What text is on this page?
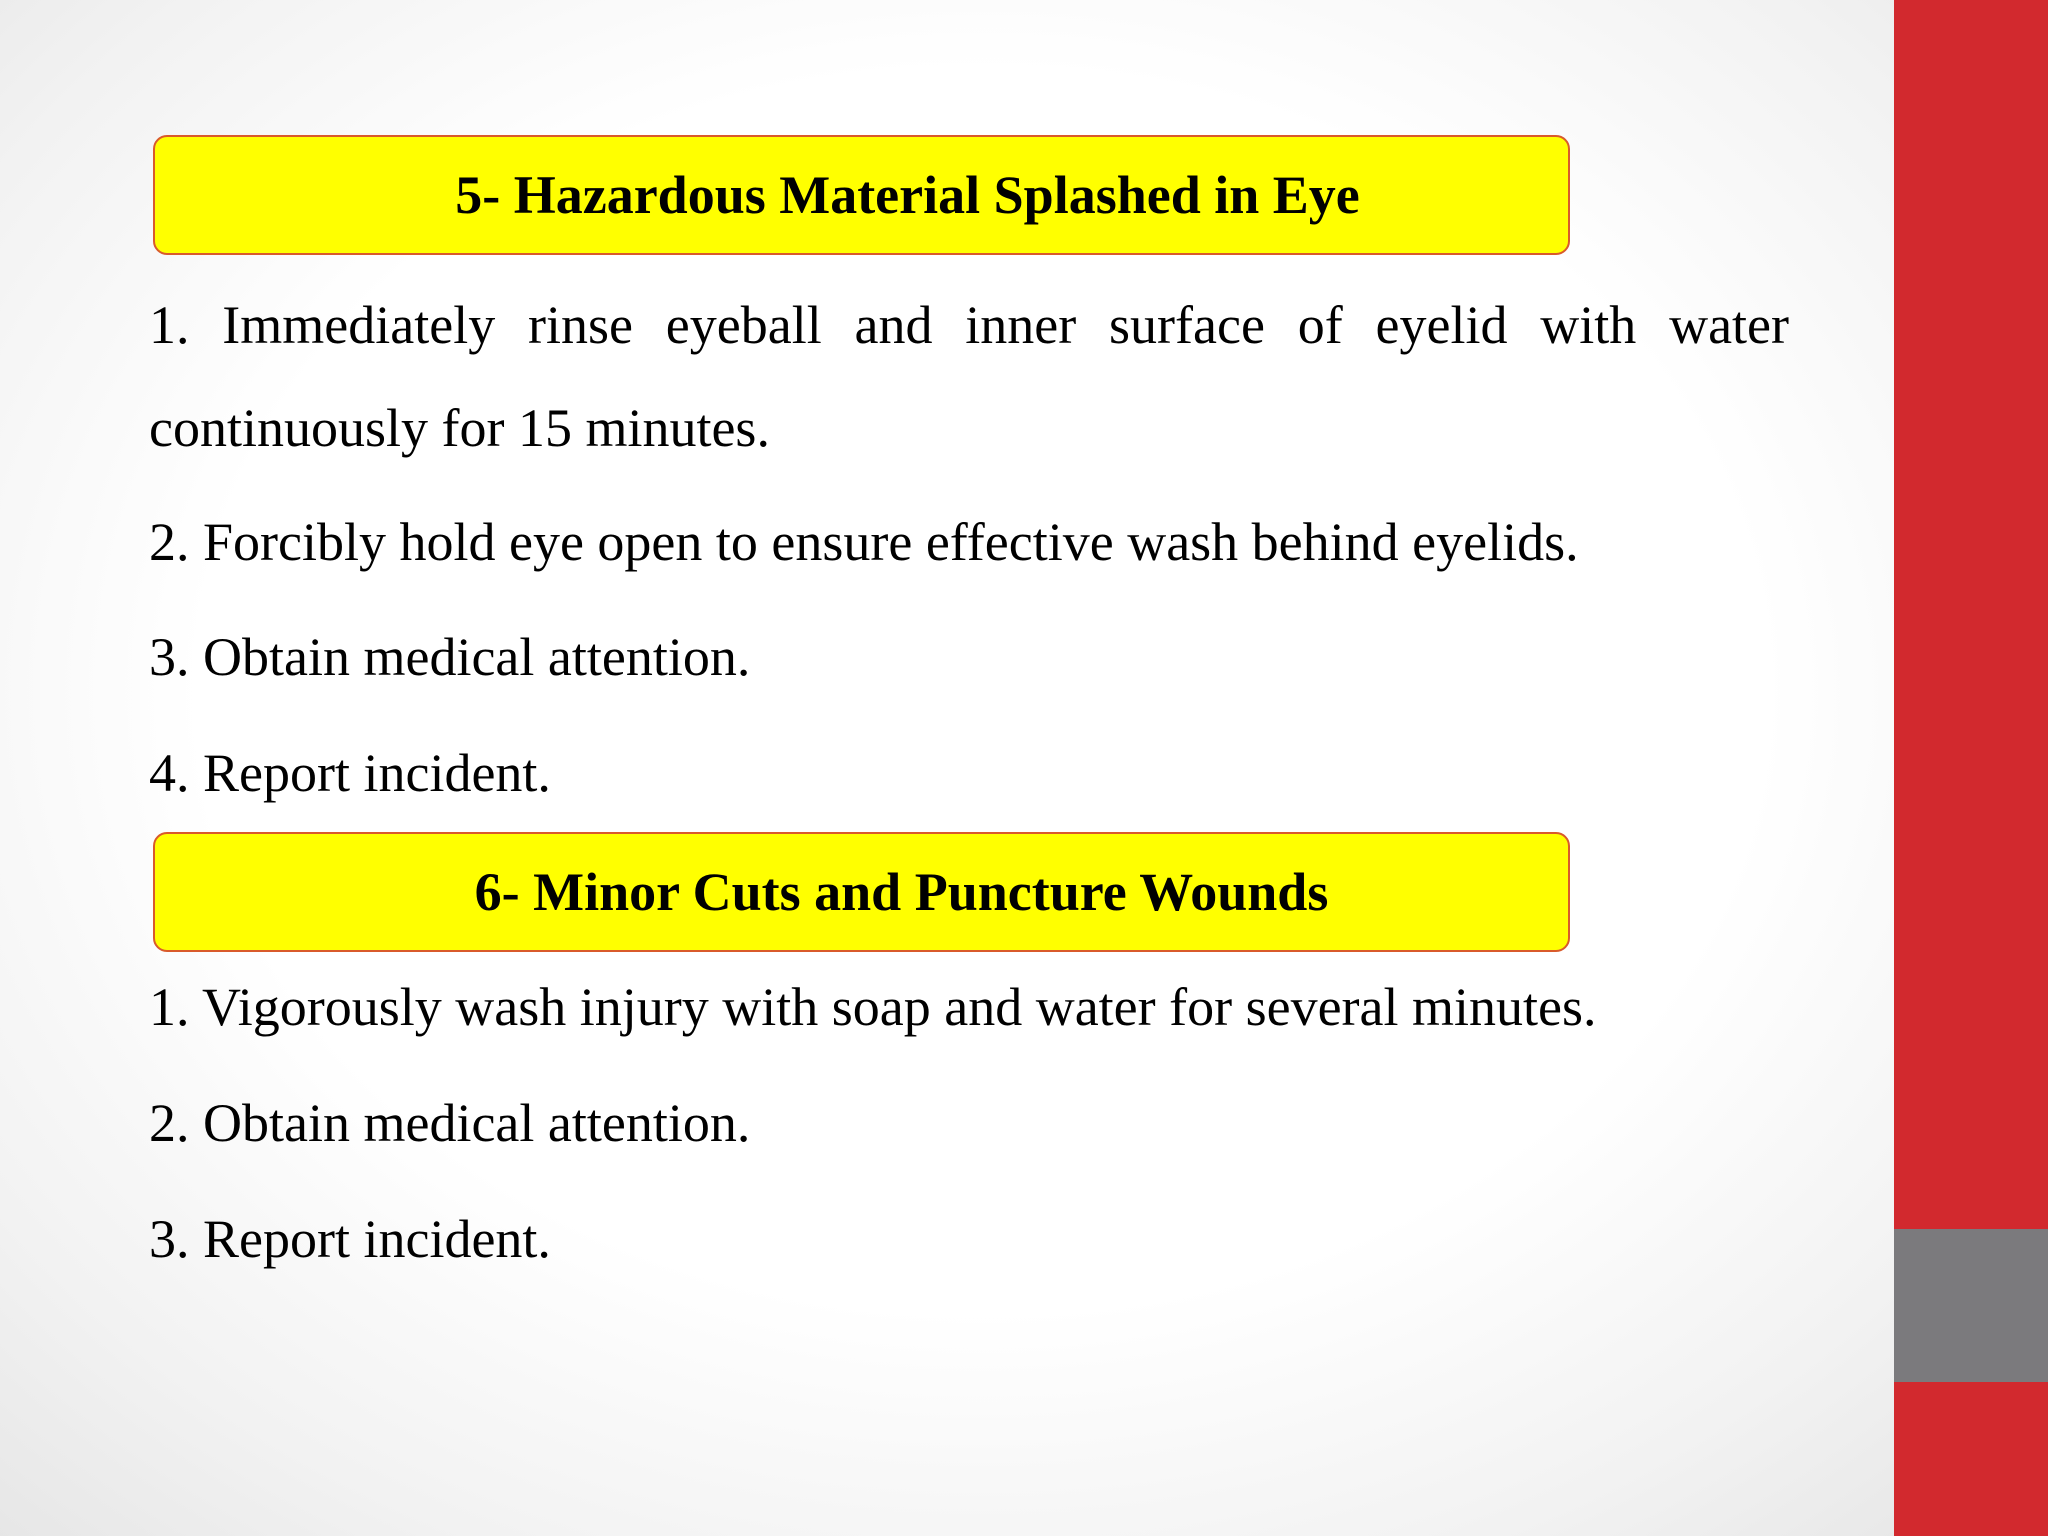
5- Hazardous Material Splashed in Eye
1. Immediately rinse eyeball and inner surface of eyelid with water
continuously for 15 minutes.
2. Forcibly hold eye open to ensure effective wash behind eyelids.
3. Obtain medical attention.
4. Report incident.
6- Minor Cuts and Puncture Wounds
1. Vigorously wash injury with soap and water for several minutes.
2. Obtain medical attention.
3. Report incident.
